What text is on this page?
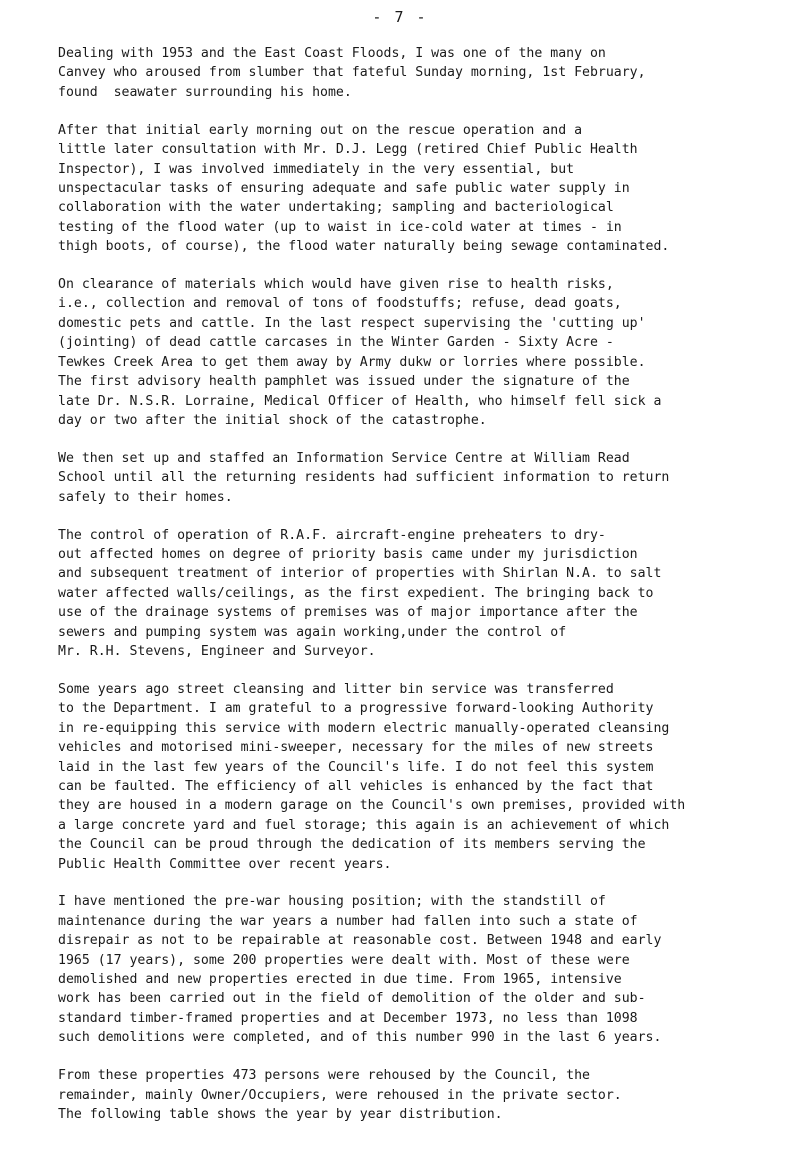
- 7 -

Dealing with 1953 and the East Coast Floods, I was one of the many on
Canvey who aroused from slumber that fateful Sunday morning, 1st February,
found  seawater surrounding his home.

After that initial early morning out on the rescue operation and a
little later consultation with Mr. D.J. Legg (retired Chief Public Health
Inspector), I was involved immediately in the very essential, but
unspectacular tasks of ensuring adequate and safe public water supply in
collaboration with the water undertaking; sampling and bacteriological
testing of the flood water (up to waist in ice-cold water at times - in
thigh boots, of course), the flood water naturally being sewage contaminated.

On clearance of materials which would have given rise to health risks,
i.e., collection and removal of tons of foodstuffs; refuse, dead goats,
domestic pets and cattle. In the last respect supervising the 'cutting up'
(jointing) of dead cattle carcases in the Winter Garden - Sixty Acre -
Tewkes Creek Area to get them away by Army dukw or lorries where possible.
The first advisory health pamphlet was issued under the signature of the
late Dr. N.S.R. Lorraine, Medical Officer of Health, who himself fell sick a
day or two after the initial shock of the catastrophe.

We then set up and staffed an Information Service Centre at William Read
School until all the returning residents had sufficient information to return
safely to their homes.

The control of operation of R.A.F. aircraft-engine preheaters to dry-
out affected homes on degree of priority basis came under my jurisdiction
and subsequent treatment of interior of properties with Shirlan N.A. to salt
water affected walls/ceilings, as the first expedient. The bringing back to
use of the drainage systems of premises was of major importance after the
sewers and pumping system was again working,under the control of
Mr. R.H. Stevens, Engineer and Surveyor.

Some years ago street cleansing and litter bin service was transferred
to the Department. I am grateful to a progressive forward-looking Authority
in re-equipping this service with modern electric manually-operated cleansing
vehicles and motorised mini-sweeper, necessary for the miles of new streets
laid in the last few years of the Council's life. I do not feel this system
can be faulted. The efficiency of all vehicles is enhanced by the fact that
they are housed in a modern garage on the Council's own premises, provided with
a large concrete yard and fuel storage; this again is an achievement of which
the Council can be proud through the dedication of its members serving the
Public Health Committee over recent years.

I have mentioned the pre-war housing position; with the standstill of
maintenance during the war years a number had fallen into such a state of
disrepair as not to be repairable at reasonable cost. Between 1948 and early
1965 (17 years), some 200 properties were dealt with. Most of these were
demolished and new properties erected in due time. From 1965, intensive
work has been carried out in the field of demolition of the older and sub-
standard timber-framed properties and at December 1973, no less than 1098
such demolitions were completed, and of this number 990 in the last 6 years.

From these properties 473 persons were rehoused by the Council, the
remainder, mainly Owner/Occupiers, were rehoused in the private sector.
The following table shows the year by year distribution.
